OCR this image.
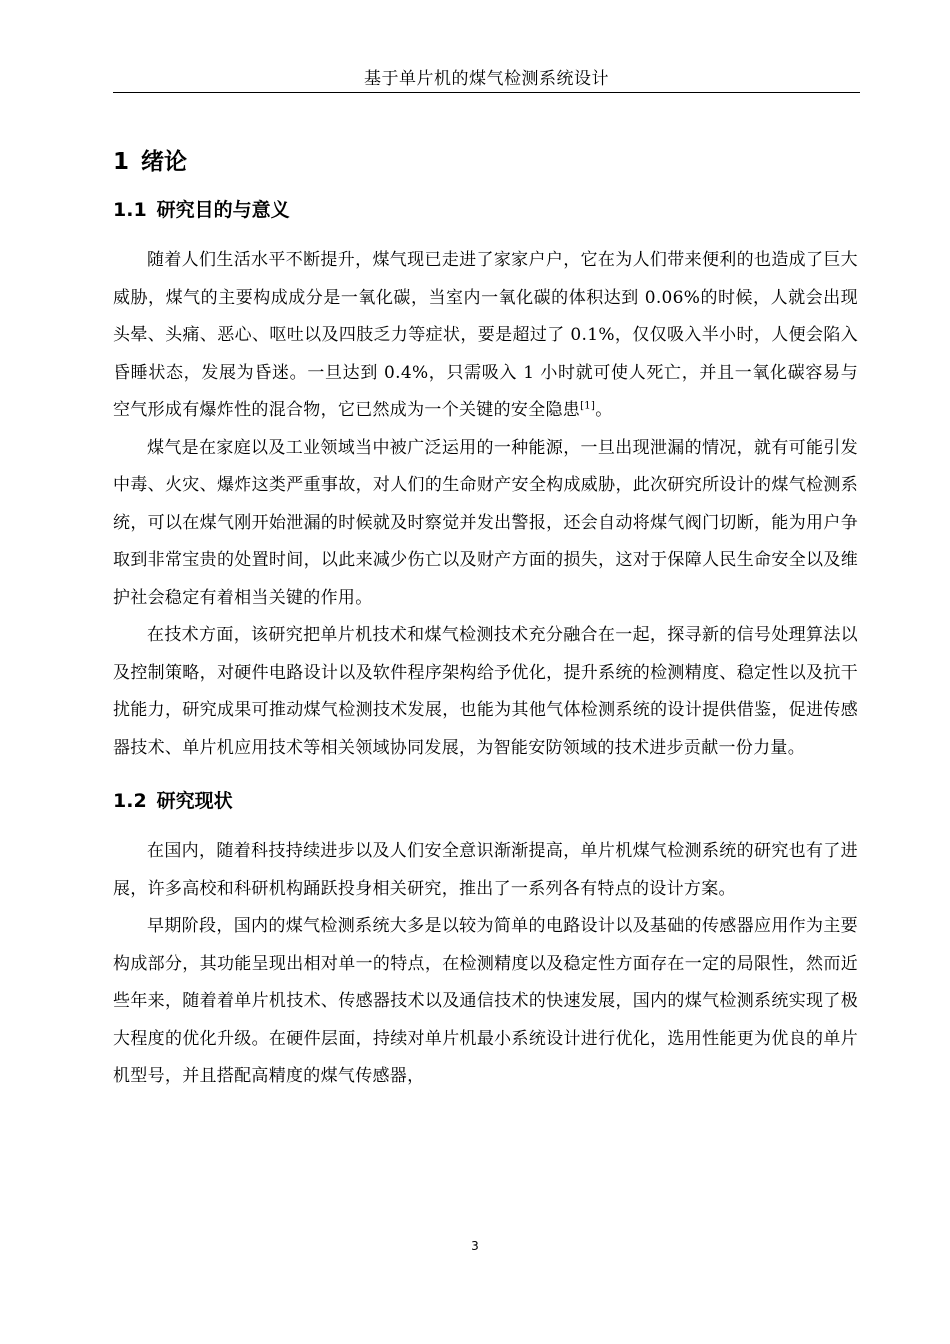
基于单片机的煤气检测系统设计
1 绪论
1.1 研究目的与意义

随着人们生活水平不断提升，煤气现已走进了家家户户，它在为人们带来便利的也造成了巨大威胁，煤气的主要构成成分是一氧化碳，当室内一氧化碳的体积达到 0.06%的时候，人就会出现头晕、头痛、恶心、呕吐以及四肢乏力等症状，要是超过了 0.1%，仅仅吸入半小时，人便会陷入昏睡状态，发展为昏迷。一旦达到 0.4%，只需吸入 1 小时就可使人死亡，并且一氧化碳容易与空气形成有爆炸性的混合物，它已然成为一个关键的安全隐患[1]。

煤气是在家庭以及工业领域当中被广泛运用的一种能源，一旦出现泄漏的情况，就有可能引发中毒、火灾、爆炸这类严重事故，对人们的生命财产安全构成威胁，此次研究所设计的煤气检测系统，可以在煤气刚开始泄漏的时候就及时察觉并发出警报，还会自动将煤气阀门切断，能为用户争取到非常宝贵的处置时间，以此来减少伤亡以及财产方面的损失，这对于保障人民生命安全以及维护社会稳定有着相当关键的作用。

在技术方面，该研究把单片机技术和煤气检测技术充分融合在一起，探寻新的信号处理算法以及控制策略，对硬件电路设计以及软件程序架构给予优化，提升系统的检测精度、稳定性以及抗干扰能力，研究成果可推动煤气检测技术发展，也能为其他气体检测系统的设计提供借鉴，促进传感器技术、单片机应用技术等相关领域协同发展，为智能安防领域的技术进步贡献一份力量。

1.2 研究现状

在国内，随着科技持续进步以及人们安全意识渐渐提高，单片机煤气检测系统的研究也有了进展，许多高校和科研机构踊跃投身相关研究，推出了一系列各有特点的设计方案。

早期阶段，国内的煤气检测系统大多是以较为简单的电路设计以及基础的传感器应用作为主要构成部分，其功能呈现出相对单一的特点，在检测精度以及稳定性方面存在一定的局限性，然而近些年来，随着着单片机技术、传感器技术以及通信技术的快速发展，国内的煤气检测系统实现了极大程度的优化升级。在硬件层面，持续对单片机最小系统设计进行优化，选用性能更为优良的单片机型号，并且搭配高精度的煤气传感器，

3
